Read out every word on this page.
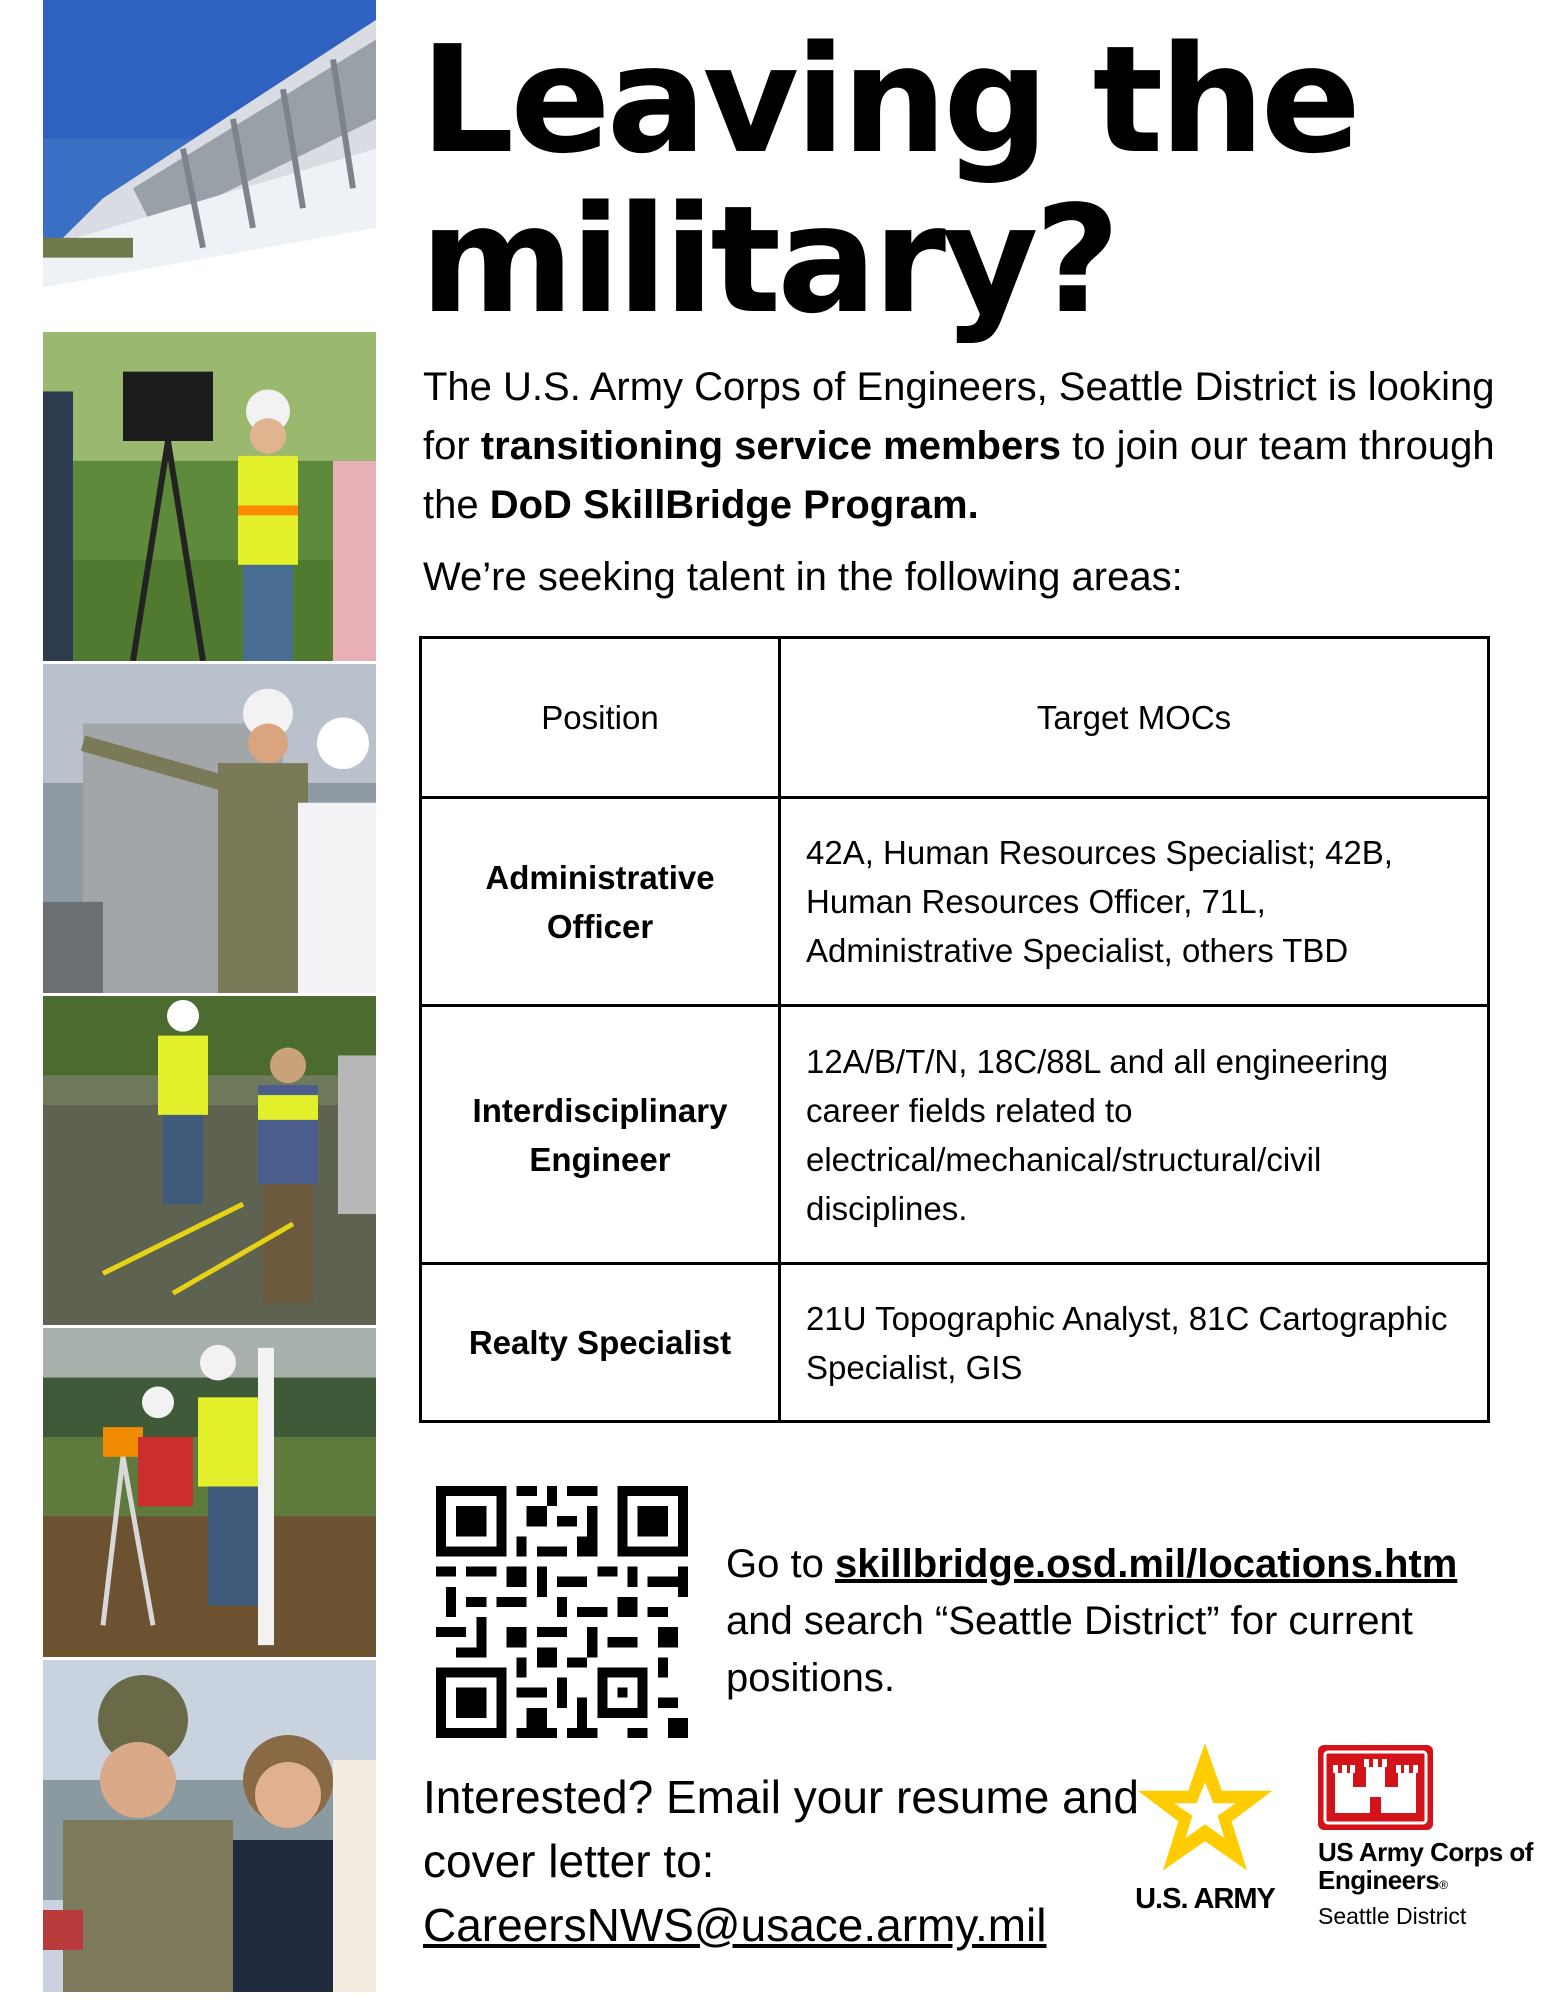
Leaving the
military?
The U.S. Army Corps of Engineers, Seattle District is looking for transitioning service members to join our team through the DoD SkillBridge Program.
We’re seeking talent in the following areas:
Position	Target MOCs
Administrative Officer	42A, Human Resources Specialist; 42B, Human Resources Officer, 71L, Administrative Specialist, others TBD
Interdisciplinary Engineer	12A/B/T/N, 18C/88L and all engineering career fields related to electrical/mechanical/structural/civil disciplines.
Realty Specialist	21U Topographic Analyst, 81C Cartographic Specialist, GIS
Go to skillbridge.osd.mil/locations.htm and search “Seattle District” for current positions.
Interested? Email your resume and cover letter to:
CareersNWS@usace.army.mil	U.S. ARMY
US Army Corps of Engineers®
Seattle District
